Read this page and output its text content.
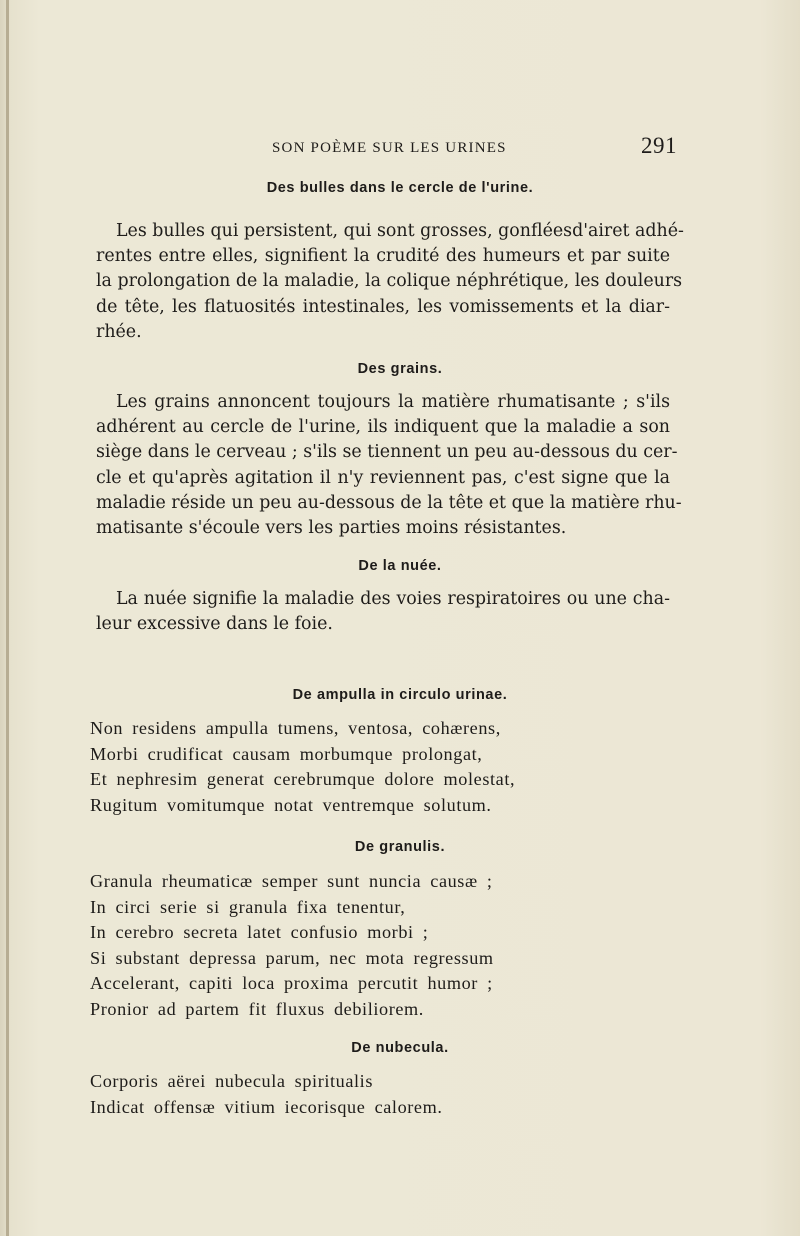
SON POÈME SUR LES URINES	291
Des bulles dans le cercle de l'urine.
Les bulles qui persistent, qui sont grosses, gonfléesd'airet adhé-
rentes entre elles, signifient la crudité des humeurs et par suite
la prolongation de la maladie, la colique néphrétique, les douleurs
de tête, les flatuosités intestinales, les vomissements et la diar-
rhée.
Des grains.
Les grains annoncent toujours la matière rhumatisante ; s'ils
adhérent au cercle de l'urine, ils indiquent que la maladie a son
siège dans le cerveau ; s'ils se tiennent un peu au-dessous du cer-
cle et qu'après agitation il n'y reviennent pas, c'est signe que la
maladie réside un peu au-dessous de la tête et que la matière rhu-
matisante s'écoule vers les parties moins résistantes.
De la nuée.
La nuée signifie la maladie des voies respiratoires ou une cha-
leur excessive dans le foie.
De ampulla in circulo urinae.
Non residens ampulla tumens, ventosa, cohærens,
Morbi crudificat causam morbumque prolongat,
Et nephresim generat cerebrumque dolore molestat,
Rugitum vomitumque notat ventremque solutum.
De granulis.
Granula rheumaticæ semper sunt nuncia causæ ;
In circi serie si granula fixa tenentur,
In cerebro secreta latet confusio morbi ;
Si substant depressa parum, nec mota regressum
Accelerant, capiti loca proxima percutit humor ;
Pronior ad partem fit fluxus debiliorem.
De nubecula.
Corporis aërei nubecula spiritualis
Indicat offensæ vitium iecorisque calorem.
